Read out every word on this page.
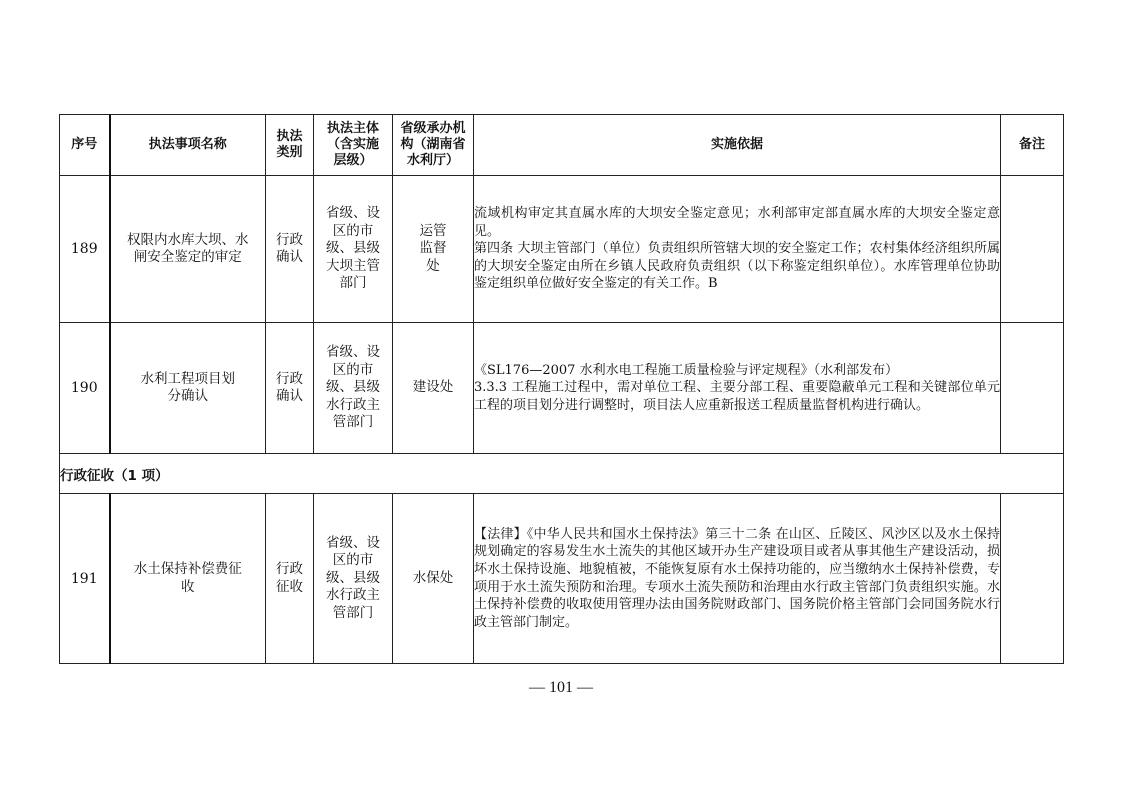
序号	执法事项名称	执法类别	执法主体（含实施层级）	省级承办机构（湖南省水利厅）	实施依据	备注
189	权限内水库大坝、水闸安全鉴定的审定	行政确认	省级、设区的市级、县级大坝主管部门	运管监督处	流域机构审定其直属水库的大坝安全鉴定意见；水利部审定部直属水库的大坝安全鉴定意见。

第四条 大坝主管部门（单位）负责组织所管辖大坝的安全鉴定工作；农村集体经济组织所属的大坝安全鉴定由所在乡镇人民政府负责组织（以下称鉴定组织单位）。水库管理单位协助鉴定组织单位做好安全鉴定的有关工作。B	

190	水利工程项目划分确认	行政确认	省级、设区的市级、县级水行政主管部门	建设处	《SL176—2007 水利水电工程施工质量检验与评定规程》（水利部发布）

3.3.3 工程施工过程中，需对单位工程、主要分部工程、重要隐蔽单元工程和关键部位单元工程的项目划分进行调整时，项目法人应重新报送工程质量监督机构进行确认。	

行政征收（1 项）						
191	水土保持补偿费征收	行政征收	省级、设区的市级、县级水行政主管部门	水保处	【法律】《中华人民共和国水土保持法》第三十二条 在山区、丘陵区、风沙区以及水土保持规划确定的容易发生水土流失的其他区域开办生产建设项目或者从事其他生产建设活动，损坏水土保持设施、地貌植被，不能恢复原有水土保持功能的，应当缴纳水土保持补偿费，专项用于水土流失预防和治理。专项水土流失预防和治理由水行政主管部门负责组织实施。水土保持补偿费的收取使用管理办法由国务院财政部门、国务院价格主管部门会同国务院水行政主管部门制定。	

— 101 —
